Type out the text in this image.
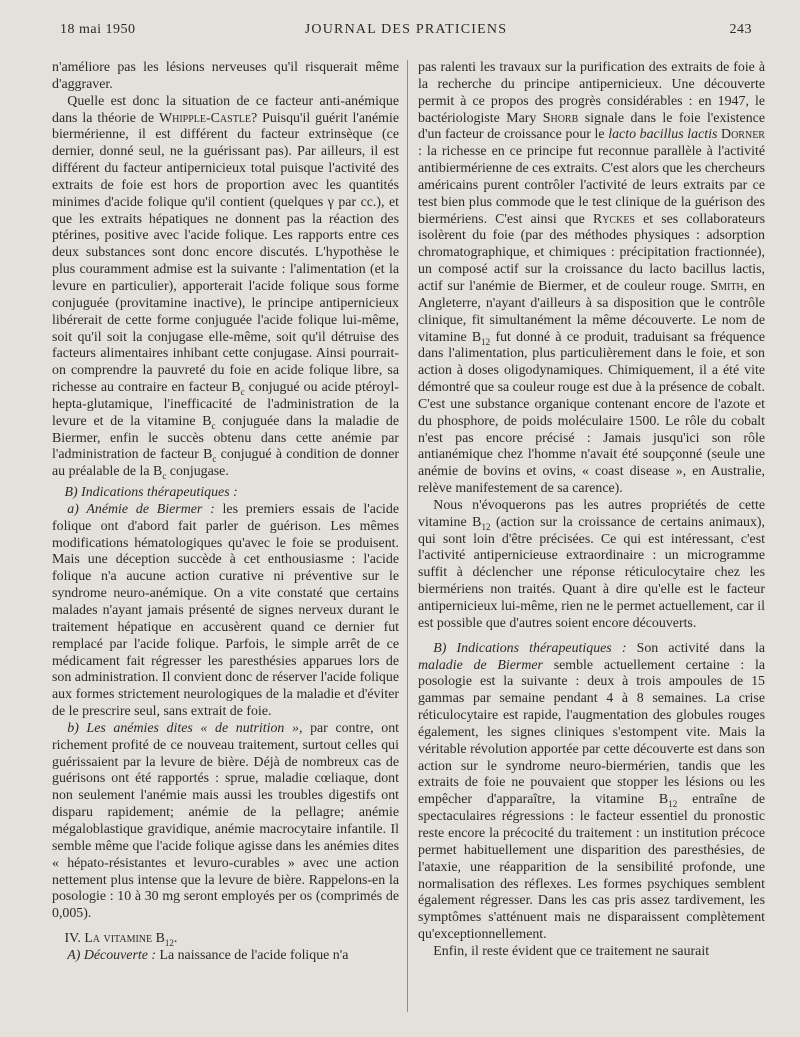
18 mai 1950	JOURNAL DES PRATICIENS	243

n'améliore pas les lésions nerveuses qu'il risquerait même d'aggraver.

Quelle est donc la situation de ce facteur anti-anémique dans la théorie de Whipple-Castle? Puisqu'il guérit l'anémie biermérienne, il est différent du facteur extrinsèque (ce dernier, donné seul, ne la guérissant pas). Par ailleurs, il est différent du facteur antipernicieux total puisque l'activité des extraits de foie est hors de proportion avec les quantités minimes d'acide folique qu'il contient (quelques γ par cc.), et que les extraits hépatiques ne donnent pas la réaction des ptérines, positive avec l'acide folique. Les rapports entre ces deux substances sont donc encore discutés. L'hypothèse le plus couramment admise est la suivante : l'alimentation (et la levure en particulier), apporterait l'acide folique sous forme conjuguée (provitamine inactive), le principe antipernicieux libérerait de cette forme conjuguée l'acide folique lui-même, soit qu'il soit la conjugase elle-même, soit qu'il détruise des facteurs alimentaires inhibant cette conjugase. Ainsi pourrait-on comprendre la pauvreté du foie en acide folique libre, sa richesse au contraire en facteur $B_c$ conjugué ou acide ptéroyl-hepta-glutamique, l'inefficacité de l'administration de la levure et de la vitamine $B_c$ conjuguée dans la maladie de Biermer, enfin le succès obtenu dans cette anémie par l'administration de facteur $B_c$ conjugué à condition de donner au préalable de la $B_c$ conjugase.

B) Indications thérapeutiques :

a) Anémie de Biermer : les premiers essais de l'acide folique ont d'abord fait parler de guérison. Les mêmes modifications hématologiques qu'avec le foie se produisent. Mais une déception succède à cet enthousiasme : l'acide folique n'a aucune action curative ni préventive sur le syndrome neuro-anémique. On a vite constaté que certains malades n'ayant jamais présenté de signes nerveux durant le traitement hépatique en accusèrent quand ce dernier fut remplacé par l'acide folique. Parfois, le simple arrêt de ce médicament fait régresser les paresthésies apparues lors de son administration. Il convient donc de réserver l'acide folique aux formes strictement neurologiques de la maladie et d'éviter de le prescrire seul, sans extrait de foie.

b) Les anémies dites « de nutrition », par contre, ont richement profité de ce nouveau traitement, surtout celles qui guérissaient par la levure de bière. Déjà de nombreux cas de guérisons ont été rapportés : sprue, maladie cœliaque, dont non seulement l'anémie mais aussi les troubles digestifs ont disparu rapidement; anémie de la pellagre; anémie mégaloblastique gravidique, anémie macrocytaire infantile. Il semble même que l'acide folique agisse dans les anémies dites « hépato-résistantes et levuro-curables » avec une action nettement plus intense que la levure de bière. Rappelons-en la posologie : 10 à 30 mg seront employés per os (comprimés de 0,005).

IV. La vitamine $B_{12}$.

A) Découverte : La naissance de l'acide folique n'a

pas ralenti les travaux sur la purification des extraits de foie à la recherche du principe antipernicieux. Une découverte permit à ce propos des progrès considérables : en 1947, le bactériologiste Mary Shorb signale dans le foie l'existence d'un facteur de croissance pour le lacto bacillus lactis Dorner : la richesse en ce principe fut reconnue parallèle à l'activité antibiermérienne de ces extraits. C'est alors que les chercheurs américains purent contrôler l'activité de leurs extraits par ce test bien plus commode que le test clinique de la guérison des biermériens. C'est ainsi que Ryckes et ses collaborateurs isolèrent du foie (par des méthodes physiques : adsorption chromatographique, et chimiques : précipitation fractionnée), un composé actif sur la croissance du lacto bacillus lactis, actif sur l'anémie de Biermer, et de couleur rouge. Smith, en Angleterre, n'ayant d'ailleurs à sa disposition que le contrôle clinique, fit simultanément la même découverte. Le nom de vitamine $B_{12}$ fut donné à ce produit, traduisant sa fréquence dans l'alimentation, plus particulièrement dans le foie, et son action à doses oligodynamiques. Chimiquement, il a été vite démontré que sa couleur rouge est due à la présence de cobalt. C'est une substance organique contenant encore de l'azote et du phosphore, de poids moléculaire 1500. Le rôle du cobalt n'est pas encore précisé : Jamais jusqu'ici son rôle antianémique chez l'homme n'avait été soupçonné (seule une anémie de bovins et ovins, « coast disease », en Australie, relève manifestement de sa carence).

Nous n'évoquerons pas les autres propriétés de cette vitamine $B_{12}$ (action sur la croissance de certains animaux), qui sont loin d'être précisées. Ce qui est intéressant, c'est l'activité antipernicieuse extraordinaire : un microgramme suffit à déclencher une réponse réticulocytaire chez les biermériens non traités. Quant à dire qu'elle est le facteur antipernicieux lui-même, rien ne le permet actuellement, car il est possible que d'autres soient encore découverts.

B) Indications thérapeutiques : Son activité dans la maladie de Biermer semble actuellement certaine : la posologie est la suivante : deux à trois ampoules de 15 gammas par semaine pendant 4 à 8 semaines. La crise réticulocytaire est rapide, l'augmentation des globules rouges également, les signes cliniques s'estompent vite. Mais la véritable révolution apportée par cette découverte est dans son action sur le syndrome neuro-biermérien, tandis que les extraits de foie ne pouvaient que stopper les lésions ou les empêcher d'apparaître, la vitamine $B_{12}$ entraîne de spectaculaires régressions : le facteur essentiel du pronostic reste encore la précocité du traitement : un institution précoce permet habituellement une disparition des paresthésies, de l'ataxie, une réapparition de la sensibilité profonde, une normalisation des réflexes. Les formes psychiques semblent également régresser. Dans les cas pris assez tardivement, les symptômes s'atténuent mais ne disparaissent complètement qu'exceptionnellement.

Enfin, il reste évident que ce traitement ne saurait
